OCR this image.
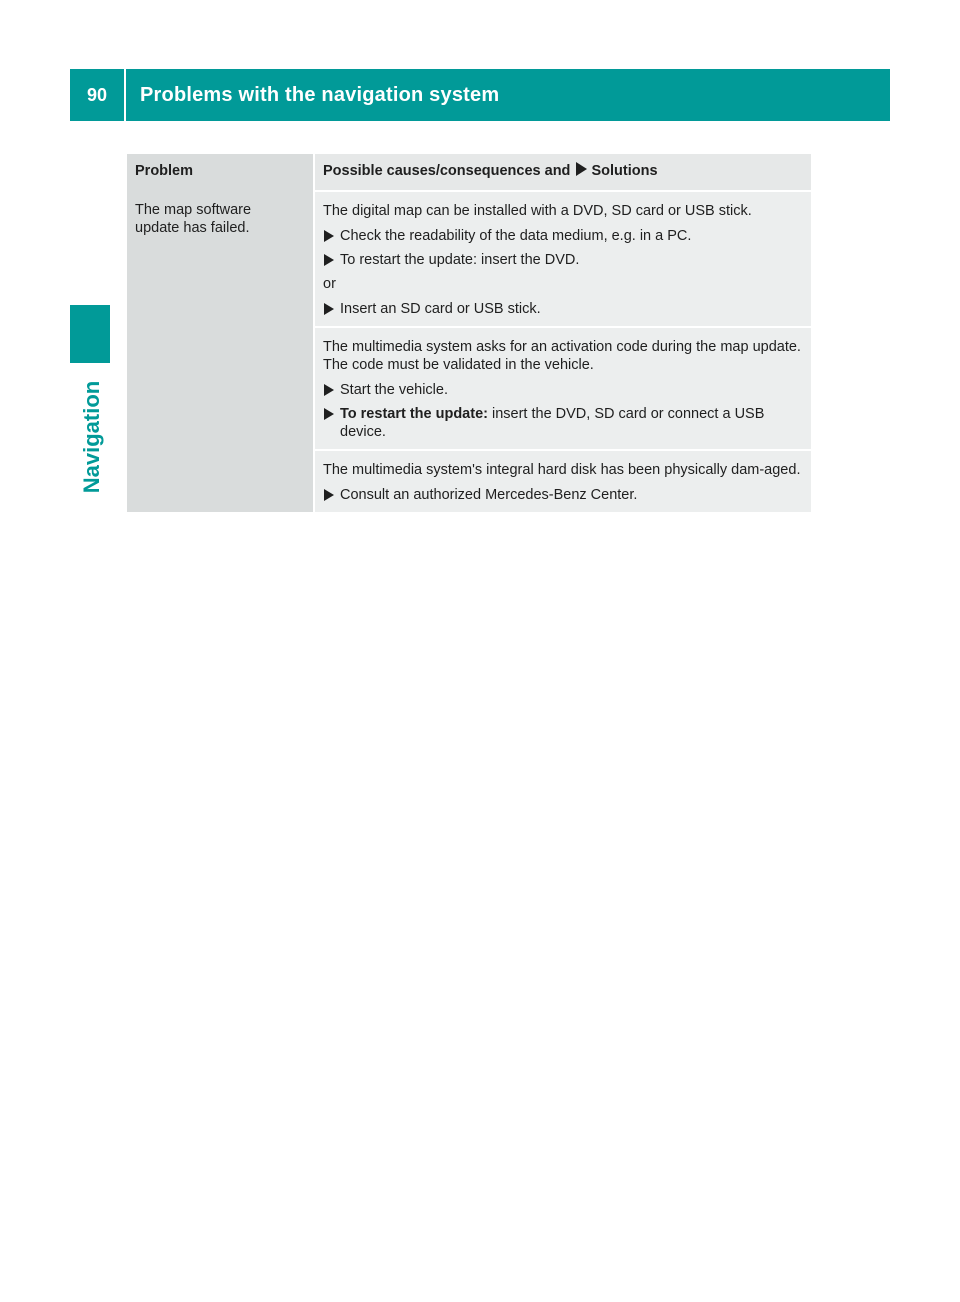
90	Problems with the navigation system
Navigation
Problem	Possible causes/consequences and Solutions

The map software update has failed.	The digital map can be installed with a DVD, SD card or USB stick.

Check the readability of the data medium, e.g. in a PC.
To restart the update: insert the DVD.

or

Insert an SD card or USB stick.

	The multimedia system asks for an activation code during the map update. The code must be validated in the vehicle.

Start the vehicle.
To restart the update: insert the DVD, SD card or connect a USB device.

	The multimedia system's integral hard disk has been physically dam-aged.

Consult an authorized Mercedes-Benz Center.
